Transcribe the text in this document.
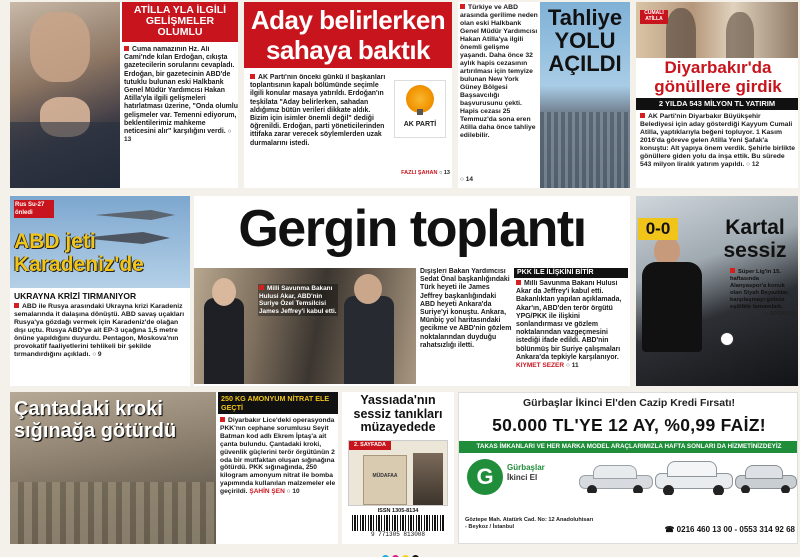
ATİLLA YLA İLGİLİ GELİŞMELER OLUMLU
Cuma namazının Hz. Ali Cami'nde kılan Erdoğan, cıkışta gazetecilerin sorularını cevapladı. Erdoğan, bir gazetecinin ABD'de tutuklu bulunan eski Halkbank Genel Müdür Yardımcısı Hakan Atilla'yla ilgili gelişmeleri hatırlatması üzerine, "Onda olumlu gelişmeler var. Temenni ediyorum, beklentilerimiz mahkeme neticesini alır" karşılığını verdi. ○ 13
Aday belirlerken sahaya baktık
AK Parti'nin önceki günkü il başkanları toplantısının kapalı bölümünde seçimle ilgili konular masaya yatırıldı. Erdoğan'ın teşkilata "Aday belirlerken, sahadan aldığımız bütün verileri dikkate aldık. Bizim için isimler önemli değil" dediği öğrenildi. Erdoğan, parti yöneticilerinden ittifaka zarar verecek söylemlerden uzak durmalarını istedi.
AK PARTİ
FAZLI ŞAHAN ○ 13
Türkiye ve ABD arasında gerilime neden olan eski Halkbank Genel Müdür Yardımcısı Hakan Atilla'ya ilgili önemli gelişme yaşandı. Daha önce 32 aylık hapis cezasının artırılması için temyize bulunan New York Güney Bölgesi Başsavcılığı başvurusunu çekti. Hapis cezası 25 Temmuz'da sona eren Atilla daha önce tahliye edilebilir.
Tahliye YOLU AÇILDI
○ 14
CUMALI ATİLLA
Diyarbakır'da gönüllere girdik
2 YILDA 543 MİLYON TL YATIRIM
AK Parti'nin Diyarbakır Büyükşehir Belediyesi için aday gösterdiği Kayyum Cumali Atilla, yaptıklarıyla beğeni topluyor. 1 Kasım 2016'da göreve gelen Atilla Yeni Şafak'a konuştu: Alt yapıya önem verdik. Şehirle birlikte gönüllere giden yolu da inşa ettik. Bu sürede 543 milyon liralık yatırım yapıldı. ○ 12
Rus Su-27 önledi
ABD jeti Karadeniz'de
UKRAYNA KRİZİ TIRMANIYOR
ABD ile Rusya arasındaki Ukrayna krizi Karadeniz semalarında it dalaşına dönüştü. ABD savaş uçakları Rusya'ya gözdağı vermek için Karadeniz'de olağan dışı uçtu. Rusya ABD'ye ait EP-3 uçağına 1,5 metre önüne yapıldığını duyurdu. Pentagon, Moskova'nın provokatif faaliyetlerini tehlikeli bir şekilde tırmandırdığını açıkladı. ○ 9
Gergin toplantı
Milli Savunma Bakanı Hulusi Akar, ABD'nin Suriye Özel Temsilcisi James Jeffrey'i kabul etti.
Dışişleri Bakan Yardımcısı Sedat Önal başkanlığındaki Türk heyeti ile James Jeffrey başkanlığındaki ABD heyeti Ankara'da Suriye'yi konuştu. Ankara, Münbiç yol haritasındaki gecikme ve ABD'nin gözlem noktalarından duyduğu rahatsızlığı iletti.
PKK İLE İLİŞKİNİ BİTİR
Milli Savunma Bakanı Hulusi Akar da Jeffrey'i kabul etti. Bakanlıktan yapılan açıklamada, Akar'ın, ABD'den terör örgütü YPG/PKK ile ilişkini sonlandırması ve gözlem noktalarından vazgeçmesini istediği ifade edildi. ABD'nin bölünmüş bir Suriye çalışmaları Ankara'da tepkiyle karşılanıyor. KIYMET SEZER ○ 11
0-0	Kartal sessiz
Süper Lig'in 15. haftasında Alanyaspor'a konuk olan Siyah Beyazlılar, karşılaşmayı golsüz eşitlikle tamamladı.
○ SPOR'DA
Çantadaki kroki sığınağa götürdü
250 KG AMONYUM NİTRAT ELE GEÇTİ
Diyarbakır Lice'deki operasyonda PKK'nın cephane sorumlusu Seyit Batman kod adlı Ekrem İptaş'a ait çanta bulundu. Çantadaki kroki, güvenlik güçlerini terör örgütünün 2 oda bir mutfaktan oluşan sığınağına götürdü. PKK sığınağında, 250 kilogram amonyum nitrat ile bomba yapımında kullanılan malzemeler ele geçirildi. ŞAHİN ŞEN ○ 10
Yassıada'nın sessiz tanıkları müzayedede
2. SAYFADA
MÜDAFAA
ISSN 1305-8134
9 771305 813008
Gürbaşlar İkinci El'den Cazip Kredi Fırsatı!
50.000 TL'YE 12 AY, %0,99 FAİZ!
TAKAS İMKANLARI VE HER MARKA MODEL ARAÇLARIMIZLA HAFTA SONLARI DA HİZMETİNİZDEYİZ
G	Gürbaşlar
İkinci El
Göztepe Mah. Atatürk Cad. No: 12 Anadoluhisarı - Beykoz / İstanbul	☎ 0216 460 13 00 - 0553 314 92 68
